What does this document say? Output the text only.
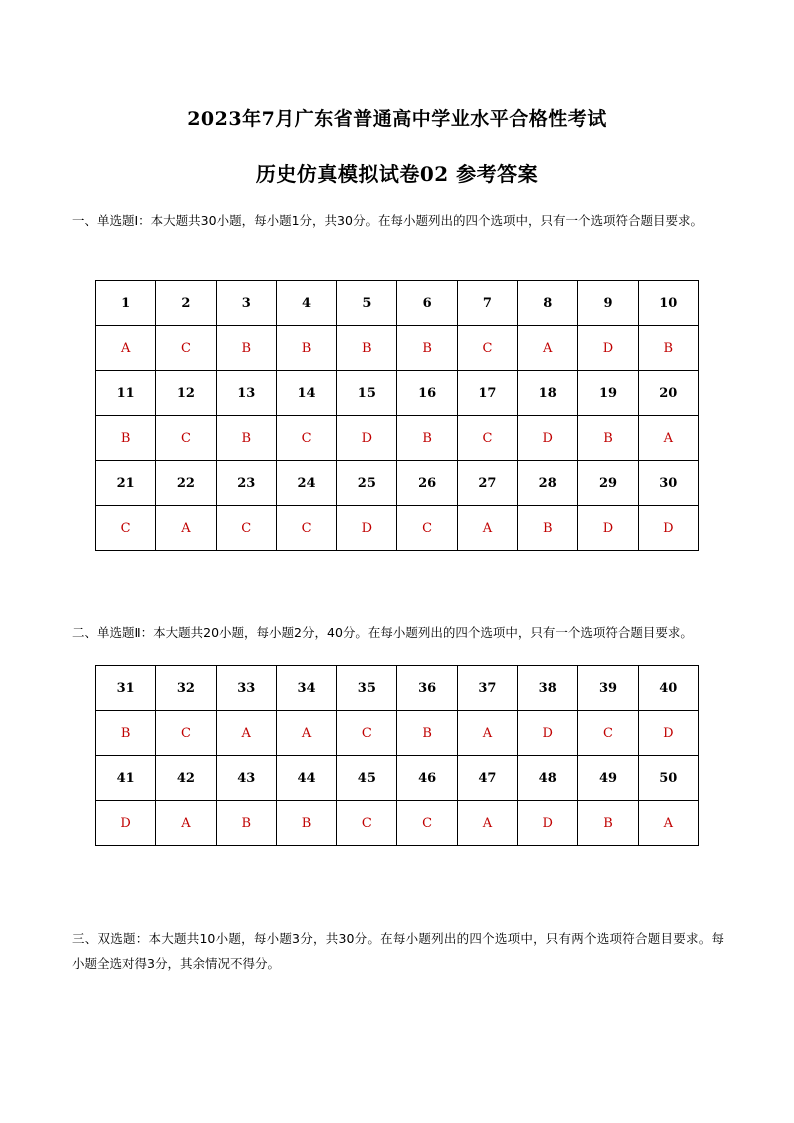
2023年7月广东省普通高中学业水平合格性考试
历史仿真模拟试卷02 参考答案
一、单选题Ⅰ：本大题共30小题，每小题1分，共30分。在每小题列出的四个选项中，只有一个选项符合题目要求。
1	2	3	4	5	6	7	8	9	10
A	C	B	B	B	B	C	A	D	B
11	12	13	14	15	16	17	18	19	20
B	C	B	C	D	B	C	D	B	A
21	22	23	24	25	26	27	28	29	30
C	A	C	C	D	C	A	B	D	D
二、单选题Ⅱ：本大题共20小题，每小题2分，40分。在每小题列出的四个选项中，只有一个选项符合题目要求。
31	32	33	34	35	36	37	38	39	40
B	C	A	A	C	B	A	D	C	D
41	42	43	44	45	46	47	48	49	50
D	A	B	B	C	C	A	D	B	A
三、双选题：本大题共10小题，每小题3分，共30分。在每小题列出的四个选项中，只有两个选项符合题目要求。每小题全选对得3分，其余情况不得分。
